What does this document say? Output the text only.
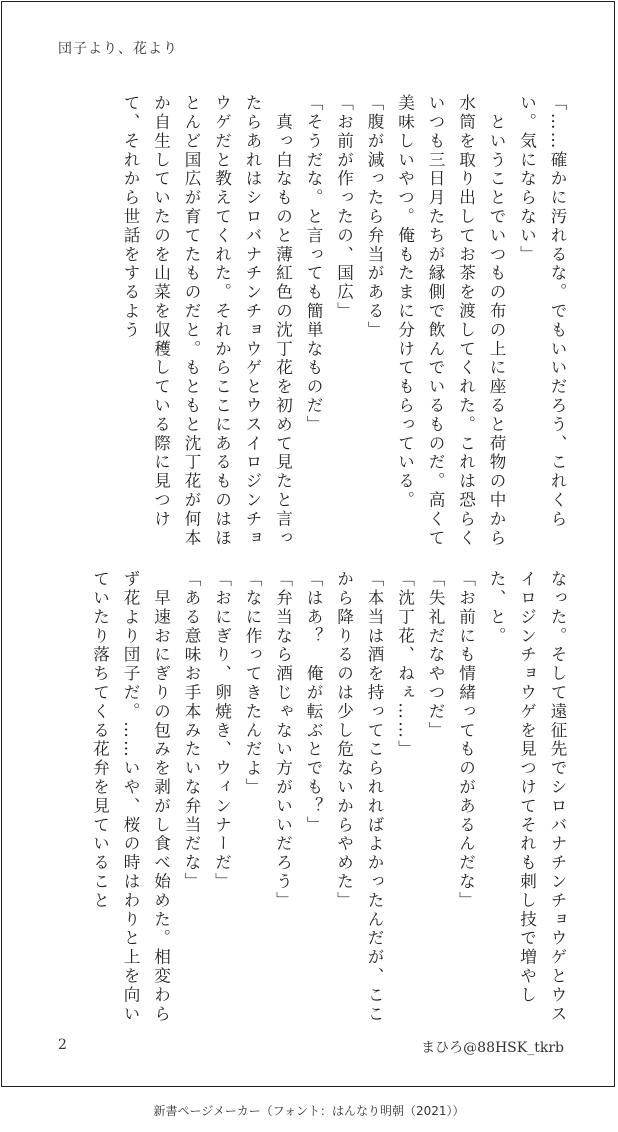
団子より、花より

「……確かに汚れるな。でもいいだろう、これくらい。気にならない」

　ということでいつもの布の上に座ると荷物の中から水筒を取り出してお茶を渡してくれた。これは恐らくいつも三日月たちが縁側で飲んでいるものだ。高くて美味しいやつ。俺もたまに分けてもらっている。

「腹が減ったら弁当がある」

「お前が作ったの、国広」

「そうだな。と言っても簡単なものだ」

　真っ白なものと薄紅色の沈丁花を初めて見たと言ったらあれはシロバナチンチョウゲとウスイロジンチョウゲだと教えてくれた。それからここにあるものはほとんど国広が育てたものだと。もともと沈丁花が何本か自生していたのを山菜を収穫している際に見つけて、それから世話をするよう

なった。そして遠征先でシロバナチンチョウゲとウスイロジンチョウゲを見つけてそれも刺し技で増やした、と。

「お前にも情緒ってものがあるんだな」

「失礼だなやつだ」

「沈丁花、ねぇ……」

「本当は酒を持ってこられればよかったんだが、ここから降りるのは少し危ないからやめた」

「はあ？　俺が転ぶとでも？」

「弁当なら酒じゃない方がいいだろう」

「なに作ってきたんだよ」

「おにぎり、卵焼き、ウィンナーだ」

「ある意味お手本みたいな弁当だな」

　早速おにぎりの包みを剥がし食べ始めた。相変わらず花より団子だ。……いや、桜の時はわりと上を向いていたり落ちてくる花弁を見ていること

2	まひろ@88HSK_tkrb
新書ページメーカー（フォント：はんなり明朝（2021））
